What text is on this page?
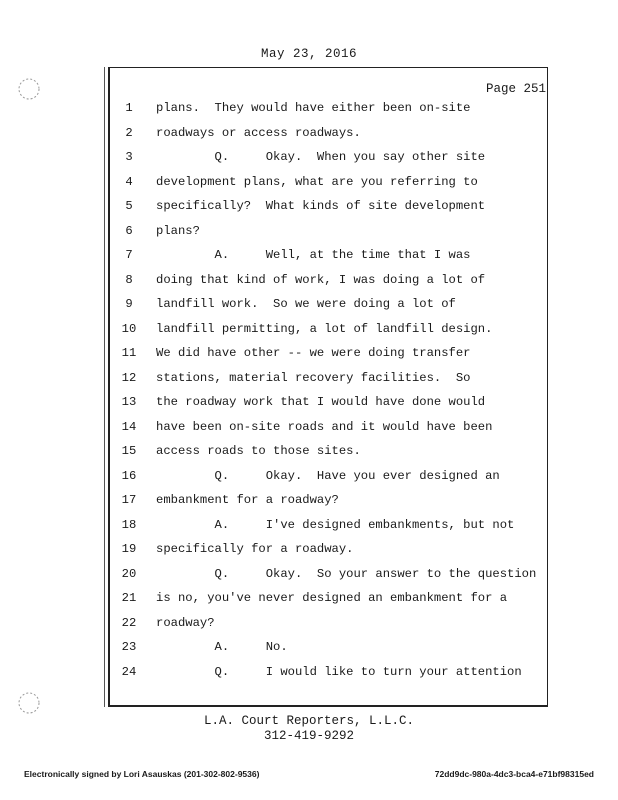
May 23, 2016
Page 251
1	plans.  They would have either been on-site
2	roadways or access roadways.
3	Q.     Okay.  When you say other site
4	development plans, what are you referring to
5	specifically?  What kinds of site development
6	plans?
7	A.     Well, at the time that I was
8	doing that kind of work, I was doing a lot of
9	landfill work.  So we were doing a lot of
10	landfill permitting, a lot of landfill design.
11	We did have other -- we were doing transfer
12	stations, material recovery facilities.  So
13	the roadway work that I would have done would
14	have been on-site roads and it would have been
15	access roads to those sites.
16	Q.     Okay.  Have you ever designed an
17	embankment for a roadway?
18	A.     I've designed embankments, but not
19	specifically for a roadway.
20	Q.     Okay.  So your answer to the question
21	is no, you've never designed an embankment for a
22	roadway?
23	A.     No.
24	Q.     I would like to turn your attention
L.A. Court Reporters, L.L.C.
312-419-9292
Electronically signed by Lori Asauskas (201-302-802-9536)	72dd9dc-980a-4dc3-bca4-e71bf98315ed
